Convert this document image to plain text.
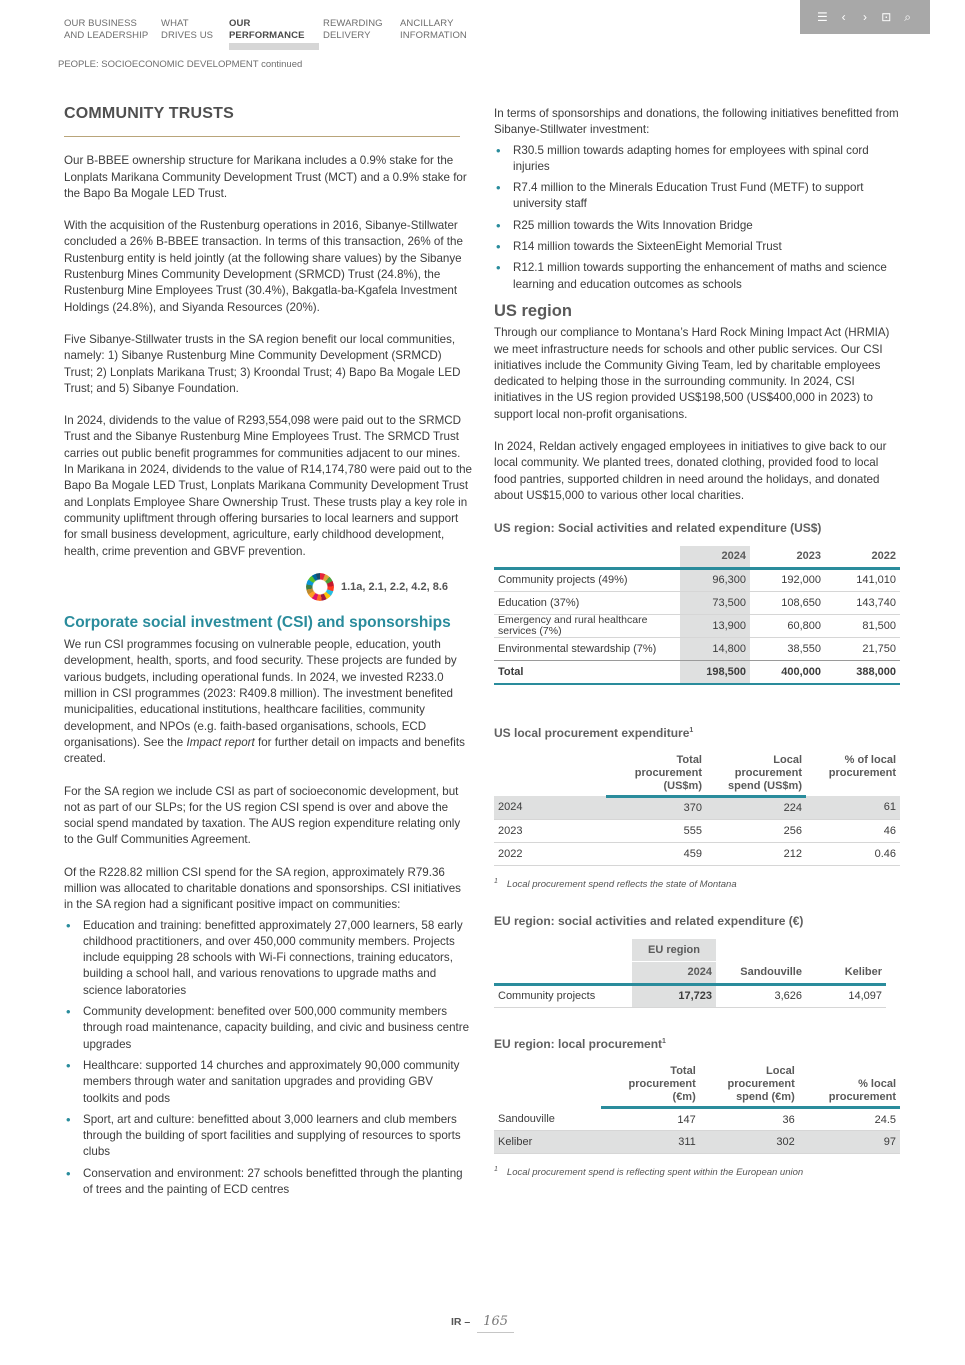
OUR BUSINESS
AND LEADERSHIP
WHAT
DRIVES US
OUR
PERFORMANCE
REWARDING
DELIVERY
ANCILLARY
INFORMATION
☰	‹	›	⊡	⌕
PEOPLE: SOCIOECONOMIC DEVELOPMENT continued
COMMUNITY TRUSTS

Our B-BBEE ownership structure for Marikana includes a 0.9% stake for the Lonplats Marikana Community Development Trust (MCT) and a 0.9% stake for the Bapo Ba Mogale LED Trust.

With the acquisition of the Rustenburg operations in 2016, Sibanye-Stillwater concluded a 26% B-BBEE transaction. In terms of this transaction, 26% of the Rustenburg entity is held jointly (at the following share values) by the Sibanye Rustenburg Mines Community Development (SRMCD) Trust (24.8%), the Rustenburg Mine Employees Trust (30.4%), Bakgatla-ba-Kgafela Investment Holdings (24.8%), and Siyanda Resources (20%).

Five Sibanye-Stillwater trusts in the SA region benefit our local communities, namely: 1) Sibanye Rustenburg Mine Community Development (SRMCD) Trust; 2) Lonplats Marikana Trust; 3) Kroondal Trust; 4) Bapo Ba Mogale LED Trust; and 5) Sibanye Foundation.

In 2024, dividends to the value of R293,554,098 were paid out to the SRMCD Trust and the Sibanye Rustenburg Mine Employees Trust. The SRMCD Trust carries out public benefit programmes for communities adjacent to our mines. In Marikana in 2024, dividends to the value of R14,174,780 were paid out to the Bapo Ba Mogale LED Trust, Lonplats Marikana Community Development Trust and Lonplats Employee Share Ownership Trust. These trusts play a key role in community upliftment through offering bursaries to local learners and support for small business development, agriculture, early childhood development, health, crime prevention and GBVF prevention.

1.1a, 2.1, 2.2, 4.2, 8.6
Corporate social investment (CSI) and sponsorships

We run CSI programmes focusing on vulnerable people, education, youth development, health, sports, and food security. These projects are funded by various budgets, including operational funds. In 2024, we invested R233.0 million in CSI programmes (2023: R409.8 million). The investment benefited municipalities, educational institutions, healthcare facilities, community development, and NPOs (e.g. faith-based organisations, schools, ECD organisations). See the Impact report for further detail on impacts and benefits created.

For the SA region we include CSI as part of socioeconomic development, but not as part of our SLPs; for the US region CSI spend is over and above the social spend mandated by taxation. The AUS region expenditure relating only to the Gulf Communities Agreement.

Of the R228.82 million CSI spend for the SA region, approximately R79.36 million was allocated to charitable donations and sponsorships. CSI initiatives in the SA region had a significant positive impact on communities:

• Education and training: benefitted approximately 27,000 learners, 58 early childhood practitioners, and over 450,000 community members. Projects include equipping 28 schools with Wi-Fi connections, training educators, building a school hall, and various renovations to upgrade maths and science laboratories
• Community development: benefited over 500,000 community members through road maintenance, capacity building, and civic and business centre upgrades
• Healthcare: supported 14 churches and approximately 90,000 community members through water and sanitation upgrades and providing GBV toolkits and pods
• Sport, art and culture: benefitted about 3,000 learners and club members through the building of sport facilities and supplying of resources to sports clubs
• Conservation and environment: 27 schools benefitted through the planting of trees and the painting of ECD centres

In terms of sponsorships and donations, the following initiatives benefitted from Sibanye-Stillwater investment:

• R30.5 million towards adapting homes for employees with spinal cord injuries
• R7.4 million to the Minerals Education Trust Fund (METF) to support university staff
• R25 million towards the Wits Innovation Bridge
• R14 million towards the SixteenEight Memorial Trust
• R12.1 million towards supporting the enhancement of maths and science learning and education outcomes as schools
US region

Through our compliance to Montana’s Hard Rock Mining Impact Act (HRMIA) we meet infrastructure needs for schools and other public services. Our CSI initiatives include the Community Giving Team, led by charitable employees dedicated to helping those in the surrounding community. In 2024, CSI initiatives in the US region provided US$198,500 (US$400,000 in 2023) to support local non-profit organisations.

In 2024, Reldan actively engaged employees in initiatives to give back to our local community. We planted trees, donated clothing, provided food to local food pantries, supported children in need around the holidays, and donated about US$15,000 to various other local charities.

US region: Social activities and related expenditure (US$)
	2024	2023	2022
Community projects (49%)	96,300	192,000	141,010
Education (37%)	73,500	108,650	143,740
Emergency and rural healthcare services (7%)	13,900	60,800	81,500
Environmental stewardship (7%)	14,800	38,550	21,750
Total	198,500	400,000	388,000
US local procurement expenditure$^1$
	Total procurement (US$m)	Local procurement spend (US$m)	% of local procurement
2024	370	224	61
2023	555	256	46
2022	459	212	0.46
$^1$ Local procurement spend reflects the state of Montana
EU region: social activities and related expenditure (€)
	EU region		
	2024	Sandouville	Keliber
Community projects	17,723	3,626	14,097
EU region: local procurement$^1$
	Total procurement (€m)	Local procurement spend (€m)	% local procurement
Sandouville	147	36	24.5
Keliber	311	302	97
$^1$ Local procurement spend is reflecting spent within the European union
IR – 165
